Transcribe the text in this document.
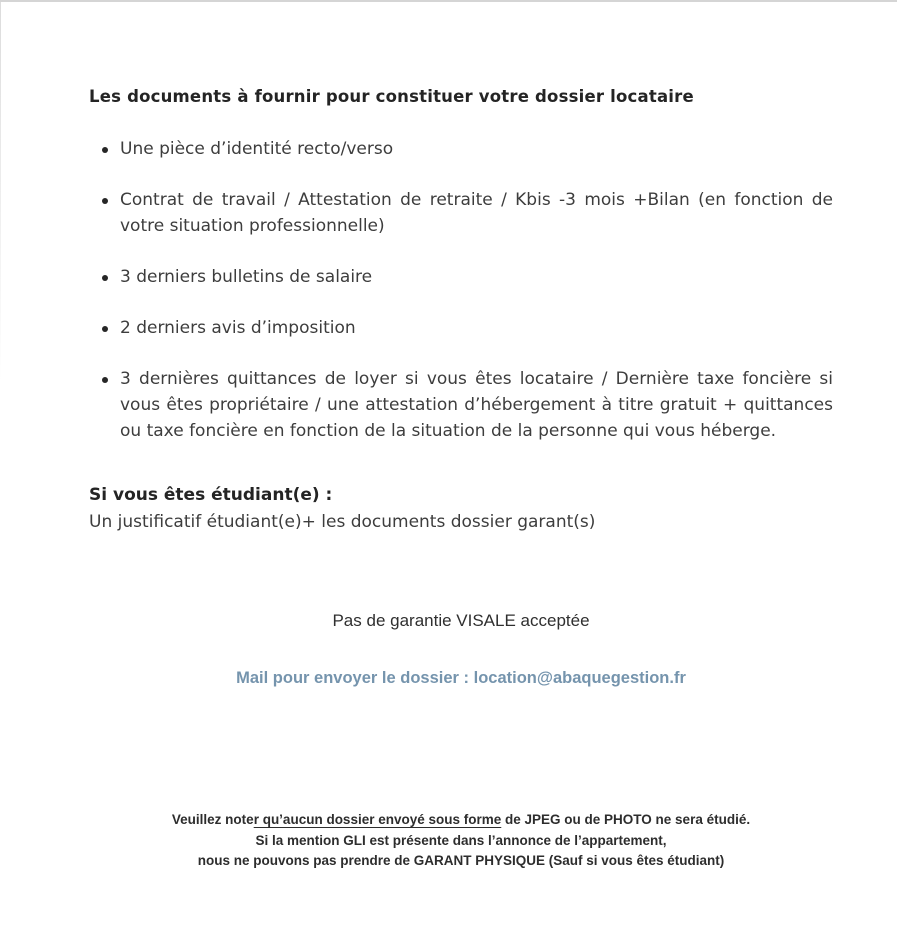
Les documents à fournir pour constituer votre dossier locataire
Une pièce d’identité recto/verso
Contrat de travail / Attestation de retraite / Kbis -3 mois +Bilan (en fonction de votre situation professionnelle)
3 derniers bulletins de salaire
2 derniers avis d’imposition
3 dernières quittances de loyer si vous êtes locataire / Dernière taxe foncière si vous êtes propriétaire / une attestation d’hébergement à titre gratuit + quittances ou taxe foncière en fonction de la situation de la personne qui vous héberge.

Si vous êtes étudiant(e) :

Un justificatif étudiant(e)+ les documents dossier garant(s)

Pas de garantie VISALE acceptée

Mail pour envoyer le dossier : location@abaquegestion.fr

Veuillez noter qu’aucun dossier envoyé sous forme de JPEG ou de PHOTO ne sera étudié.

Si la mention GLI est présente dans l’annonce de l’appartement,

nous ne pouvons pas prendre de GARANT PHYSIQUE (Sauf si vous êtes étudiant)
